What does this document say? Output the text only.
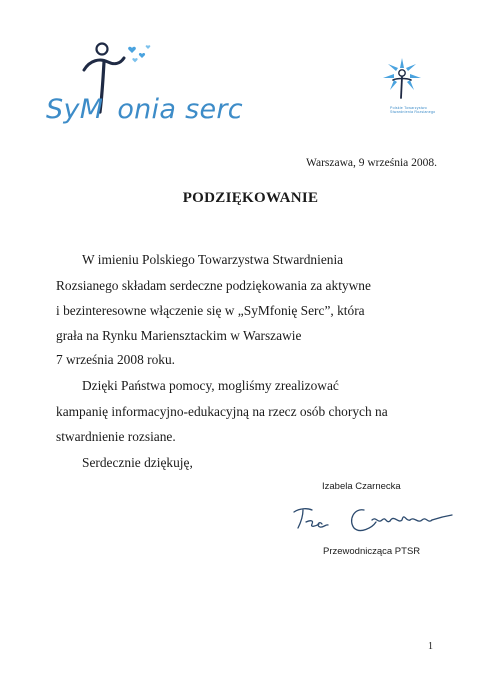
SyM onia serc	Polskie Towarzystwo
Stwardnienia Rozsianego
Warszawa, 9 września 2008.
PODZIĘKOWANIE
W imieniu Polskiego Towarzystwa Stwardnienia
Rozsianego składam serdeczne podziękowania za aktywne
i bezinteresowne włączenie się w „SyMfonię Serc”, która
grała na Rynku Mariensztackim w Warszawie
7 września 2008 roku.
Dzięki Państwa pomocy, mogliśmy zrealizować
kampanię informacyjno-edukacyjną na rzecz osób chorych na
stwardnienie rozsiane.
Serdecznie dziękuję,
Izabela Czarnecka
Przewodnicząca PTSR
1
